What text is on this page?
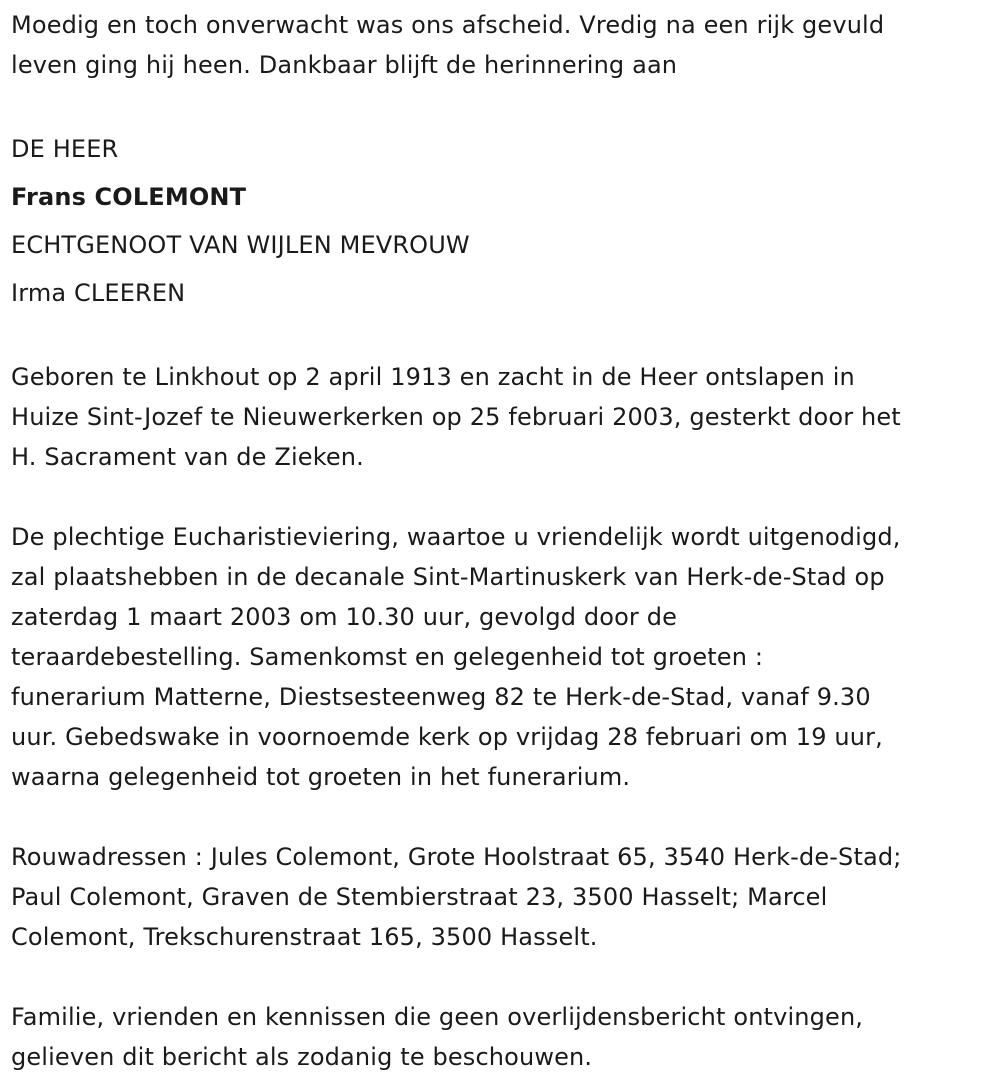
Moedig en toch onverwacht was ons afscheid. Vredig na een rijk gevuld
leven ging hij heen. Dankbaar blijft de herinnering aan
DE HEER
Frans COLEMONT
ECHTGENOOT VAN WIJLEN MEVROUW
Irma CLEEREN
Geboren te Linkhout op 2 april 1913 en zacht in de Heer ontslapen in
Huize Sint-Jozef te Nieuwerkerken op 25 februari 2003, gesterkt door het
H. Sacrament van de Zieken.
De plechtige Eucharistieviering, waartoe u vriendelijk wordt uitgenodigd,
zal plaatshebben in de decanale Sint-Martinuskerk van Herk-de-Stad op
zaterdag 1 maart 2003 om 10.30 uur, gevolgd door de
teraardebestelling. Samenkomst en gelegenheid tot groeten :
funerarium Matterne, Diestsesteenweg 82 te Herk-de-Stad, vanaf 9.30
uur. Gebedswake in voornoemde kerk op vrijdag 28 februari om 19 uur,
waarna gelegenheid tot groeten in het funerarium.
Rouwadressen : Jules Colemont, Grote Hoolstraat 65, 3540 Herk-de-Stad;
Paul Colemont, Graven de Stembierstraat 23, 3500 Hasselt; Marcel
Colemont, Trekschurenstraat 165, 3500 Hasselt.
Familie, vrienden en kennissen die geen overlijdensbericht ontvingen,
gelieven dit bericht als zodanig te beschouwen.
